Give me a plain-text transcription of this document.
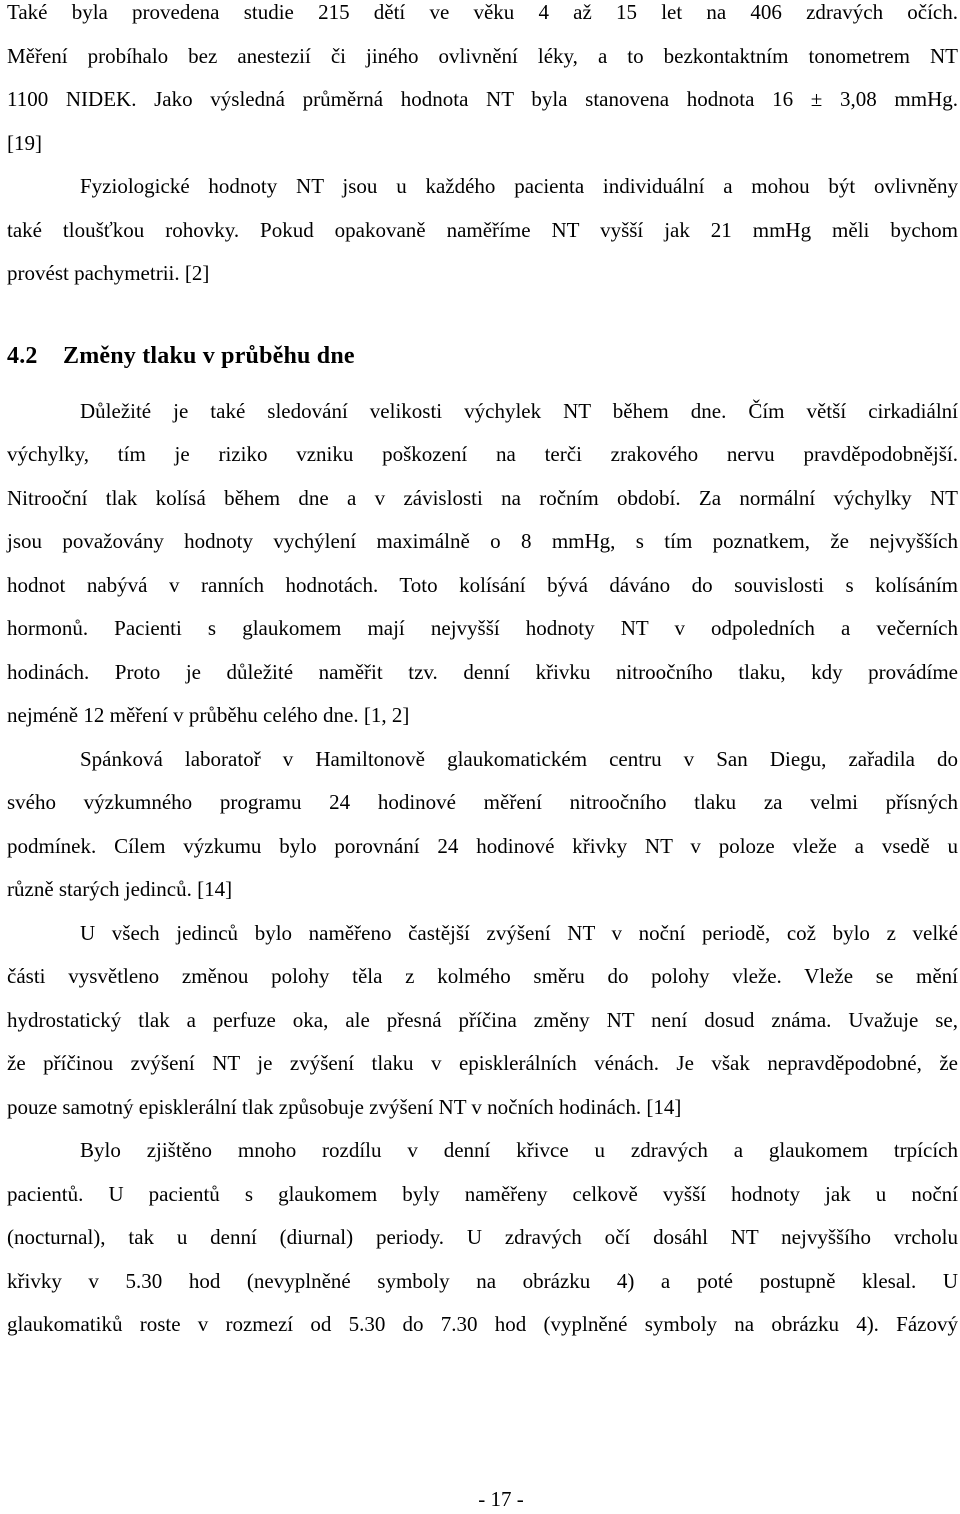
Také byla provedena studie 215 dětí ve věku 4 až 15 let na 406 zdravých očích.
Měření probíhalo bez anestezií či jiného ovlivnění léky, a to bezkontaktním tonometrem NT
1100 NIDEK. Jako výsledná průměrná hodnota NT byla stanovena hodnota 16 ± 3,08 mmHg.
[19]
Fyziologické hodnoty NT jsou u každého pacienta individuální a mohou být ovlivněny
také tloušťkou rohovky. Pokud opakovaně naměříme NT vyšší jak 21 mmHg měli bychom
provést pachymetrii. [2]
4.2 Změny tlaku v průběhu dne
Důležité je také sledování velikosti výchylek NT během dne. Čím větší cirkadiální
výchylky, tím je riziko vzniku poškození na terči zrakového nervu pravděpodobnější.
Nitrooční tlak kolísá během dne a v závislosti na ročním období. Za normální výchylky NT
jsou považovány hodnoty vychýlení maximálně o 8 mmHg, s tím poznatkem, že nejvyšších
hodnot nabývá v ranních hodnotách. Toto kolísání bývá dáváno do souvislosti s kolísáním
hormonů. Pacienti s glaukomem mají nejvyšší hodnoty NT v odpoledních a večerních
hodinách. Proto je důležité naměřit tzv. denní křivku nitroočního tlaku, kdy provádíme
nejméně 12 měření v průběhu celého dne. [1, 2]
Spánková laboratoř v Hamiltonově glaukomatickém centru v San Diegu, zařadila do
svého výzkumného programu 24 hodinové měření nitroočního tlaku za velmi přísných
podmínek. Cílem výzkumu bylo porovnání 24 hodinové křivky NT v poloze vleže a vsedě u
různě starých jedinců. [14]
U všech jedinců bylo naměřeno častější zvýšení NT v noční periodě, což bylo z velké
části vysvětleno změnou polohy těla z kolmého směru do polohy vleže. Vleže se mění
hydrostatický tlak a perfuze oka, ale přesná příčina změny NT není dosud známa. Uvažuje se,
že příčinou zvýšení NT je zvýšení tlaku v episklerálních vénách. Je však nepravděpodobné, že
pouze samotný episklerální tlak způsobuje zvýšení NT v nočních hodinách. [14]
Bylo zjištěno mnoho rozdílu v denní křivce u zdravých a glaukomem trpících
pacientů. U pacientů s glaukomem byly naměřeny celkově vyšší hodnoty jak u noční
(nocturnal), tak u denní (diurnal) periody. U zdravých očí dosáhl NT nejvyššího vrcholu
křivky v 5.30 hod (nevyplněné symboly na obrázku 4) a poté postupně klesal. U
glaukomatiků roste v rozmezí od 5.30 do 7.30 hod (vyplněné symboly na obrázku 4). Fázový
- 17 -
